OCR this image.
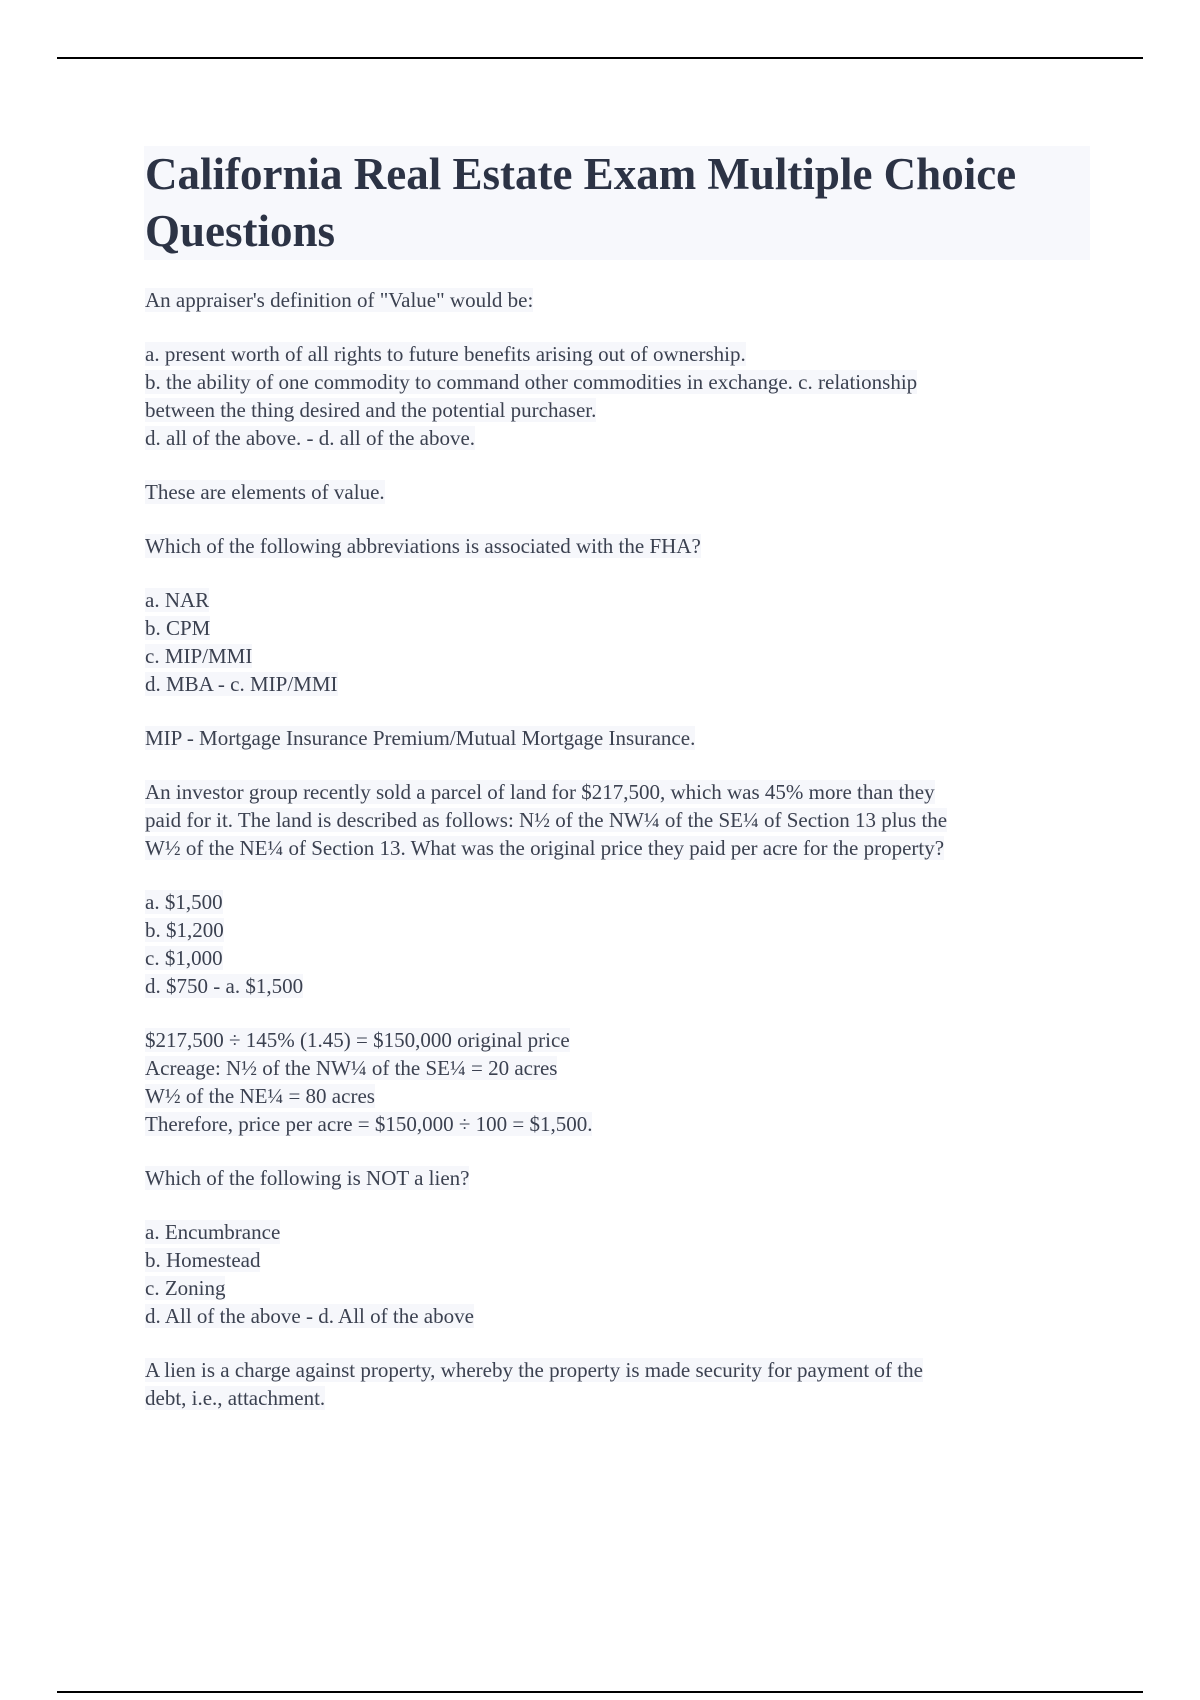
California Real Estate Exam Multiple Choice Questions

An appraiser's definition of "Value" would be:

a. present worth of all rights to future benefits arising out of ownership.
b. the ability of one commodity to command other commodities in exchange. c. relationship
between the thing desired and the potential purchaser.
d. all of the above. - d. all of the above.

These are elements of value.

Which of the following abbreviations is associated with the FHA?

a. NAR
b. CPM
c. MIP/MMI
d. MBA - c. MIP/MMI

MIP - Mortgage Insurance Premium/Mutual Mortgage Insurance.

An investor group recently sold a parcel of land for $217,500, which was 45% more than they
paid for it. The land is described as follows: N½ of the NW¼ of the SE¼ of Section 13 plus the
W½ of the NE¼ of Section 13. What was the original price they paid per acre for the property?

a. $1,500
b. $1,200
c. $1,000
d. $750 - a. $1,500

$217,500 ÷ 145% (1.45) = $150,000 original price
Acreage: N½ of the NW¼ of the SE¼ = 20 acres
W½ of the NE¼ = 80 acres
Therefore, price per acre = $150,000 ÷ 100 = $1,500.

Which of the following is NOT a lien?

a. Encumbrance
b. Homestead
c. Zoning
d. All of the above - d. All of the above

A lien is a charge against property, whereby the property is made security for payment of the
debt, i.e., attachment.
